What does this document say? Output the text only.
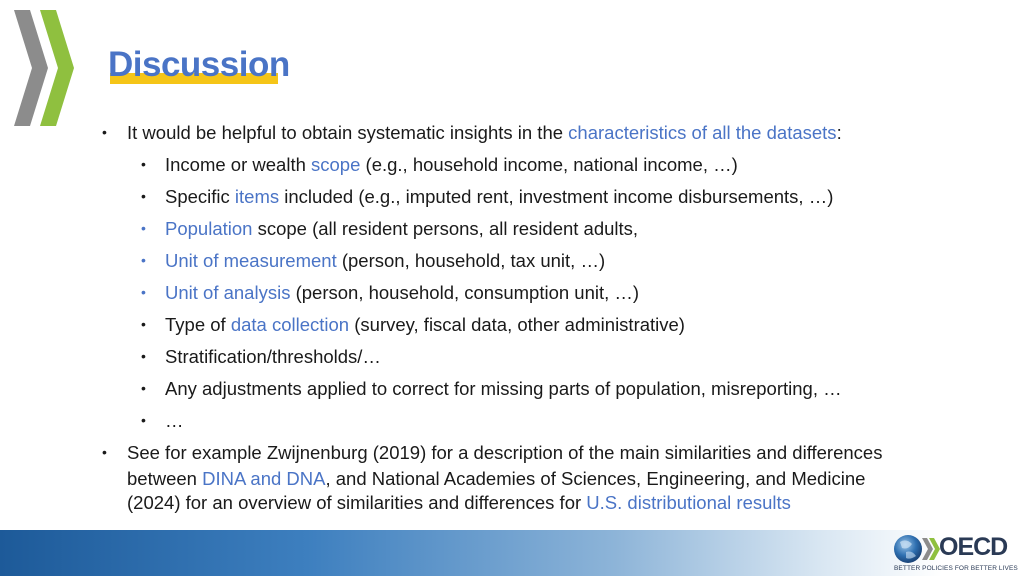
Discussion
• It would be helpful to obtain systematic insights in the characteristics of all the datasets:
• Income or wealth scope (e.g., household income, national income, …)
• Specific items included (e.g., imputed rent, investment income disbursements, …)
• Population scope (all resident persons, all resident adults,
• Unit of measurement (person, household, tax unit, …)
• Unit of analysis (person, household, consumption unit, …)
• Type of data collection (survey, fiscal data, other administrative)
• Stratification/thresholds/…
• Any adjustments applied to correct for missing parts of population, misreporting, …
• …
• See for example Zwijnenburg (2019) for a description of the main similarities and differences
between DINA and DNA, and National Academies of Sciences, Engineering, and Medicine
(2024) for an overview of similarities and differences for U.S. distributional results
OECD
BETTER POLICIES FOR BETTER LIVES
